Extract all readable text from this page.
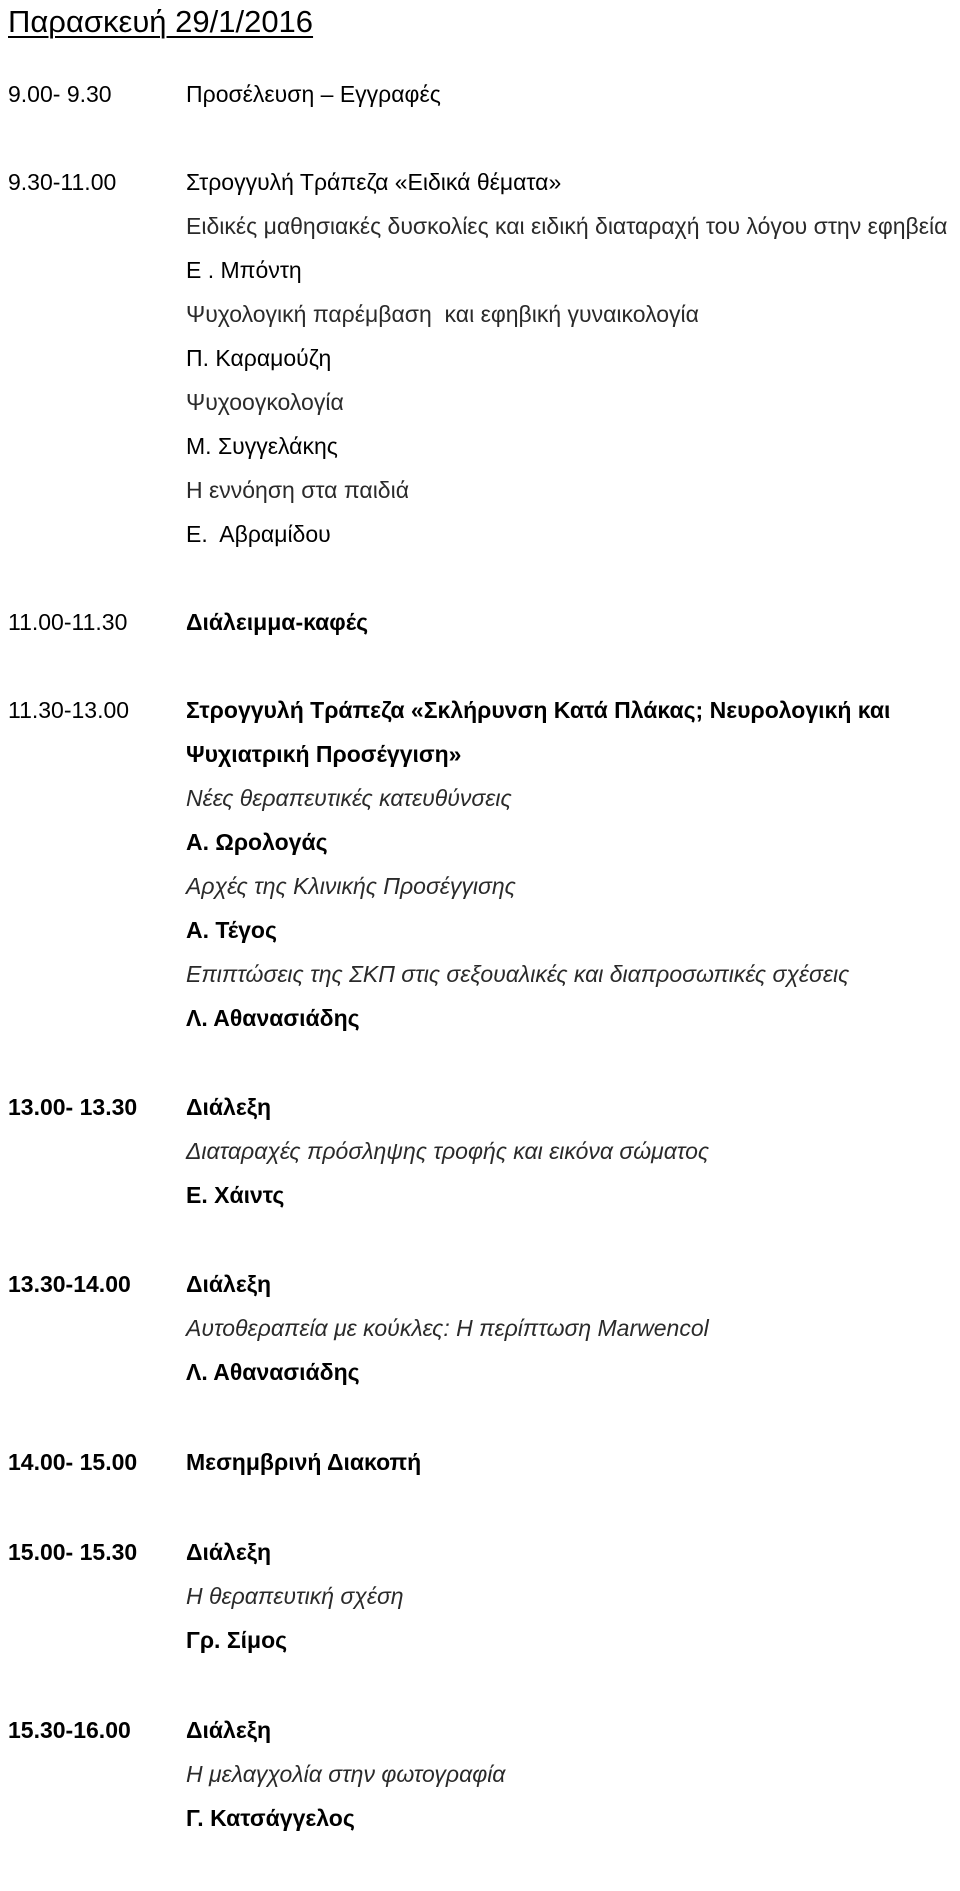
Παρασκευή 29/1/2016
9.00- 9.30	Προσέλευση – Εγγραφές
9.30-11.00	Στρογγυλή Τράπεζα «Ειδικά θέματα»
Ειδικές μαθησιακές δυσκολίες και ειδική διαταραχή του λόγου στην εφηβεία
Ε . Μπόντη
Ψυχολογική παρέμβαση  και εφηβική γυναικολογία
Π. Καραμούζη
Ψυχοογκολογία
Μ. Συγγελάκης
Η εννόηση στα παιδιά
Ε.  Αβραμίδου
11.00-11.30	Διάλειμμα-καφές
11.30-13.00	Στρογγυλή Τράπεζα «Σκλήρυνση Κατά Πλάκας; Νευρολογική και Ψυχιατρική Προσέγγιση»
Νέες θεραπευτικές κατευθύνσεις
Α. Ωρολογάς
Αρχές της Κλινικής Προσέγγισης
Α. Τέγος
Επιπτώσεις της ΣΚΠ στις σεξουαλικές και διαπροσωπικές σχέσεις
Λ. Αθανασιάδης
13.00- 13.30	Διάλεξη
Διαταραχές πρόσληψης τροφής και εικόνα σώματος
Ε. Χάιντς
13.30-14.00	Διάλεξη
Αυτοθεραπεία με κούκλες: Η περίπτωση Marwencol
Λ. Αθανασιάδης
14.00- 15.00	Μεσημβρινή Διακοπή
15.00- 15.30	Διάλεξη
Η θεραπευτική σχέση
Γρ. Σίμος
15.30-16.00	Διάλεξη
Η μελαγχολία στην φωτογραφία
Γ. Κατσάγγελος
